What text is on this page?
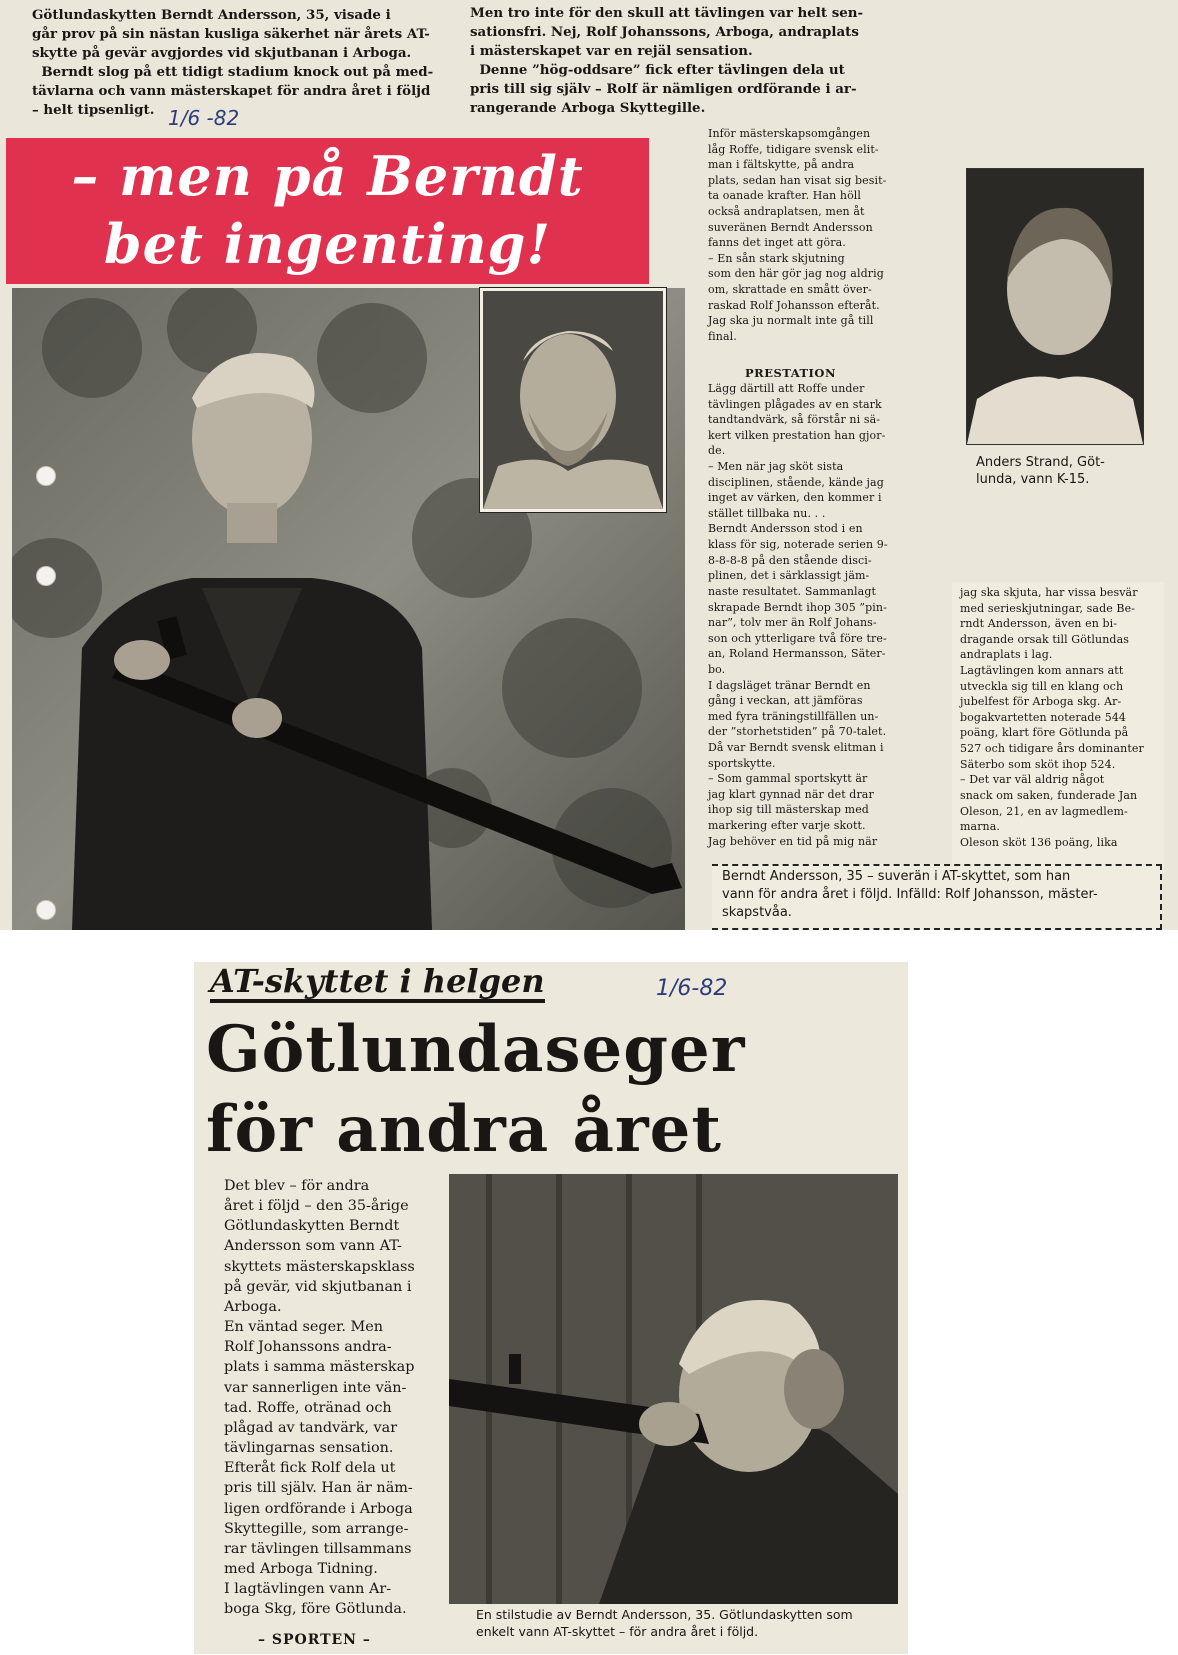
Götlundaskytten Berndt Andersson, 35, visade i
går prov på sin nästan kusliga säkerhet när årets AT-
skytte på gevär avgjordes vid skjutbanan i Arboga.
Berndt slog på ett tidigt stadium knock out på med-
tävlarna och vann mästerskapet för andra året i följd
– helt tipsenligt. 1/6 -82
Men tro inte för den skull att tävlingen var helt sen-
sationsfri. Nej, Rolf Johanssons, Arboga, andraplats
i mästerskapet var en rejäl sensation.
Denne ”hög-oddsare” fick efter tävlingen dela ut
pris till sig själv – Rolf är nämligen ordförande i ar-
rangerande Arboga Skyttegille.
– men på Berndt
bet ingenting!
Inför mästerskapsomgången
låg Roffe, tidigare svensk elit-
man i fältskytte, på andra
plats, sedan han visat sig besit-
ta oanade krafter. Han höll
också andraplatsen, men åt
suveränen Berndt Andersson
fanns det inget att göra.
– En sån stark skjutning
som den här gör jag nog aldrig
om, skrattade en smått över-
raskad Rolf Johansson efteråt.
Jag ska ju normalt inte gå till
final.
PRESTATION
Lägg därtill att Roffe under
tävlingen plågades av en stark
tandtandvärk, så förstår ni sä-
kert vilken prestation han gjor-
de.
– Men när jag sköt sista
disciplinen, stående, kände jag
inget av värken, den kommer i
stället tillbaka nu. . .
Berndt Andersson stod i en
klass för sig, noterade serien 9-
8-8-8-8 på den stående disci-
plinen, det i särklassigt jäm-
naste resultatet. Sammanlagt
skrapade Berndt ihop 305 ”pin-
nar”, tolv mer än Rolf Johans-
son och ytterligare två före tre-
an, Roland Hermansson, Säter-
bo.
I dagsläget tränar Berndt en
gång i veckan, att jämföras
med fyra träningstillfällen un-
der ”storhetstiden” på 70-talet.
Då var Berndt svensk elitman i
sportskytte.
– Som gammal sportskytt är
jag klart gynnad när det drar
ihop sig till mästerskap med
markering efter varje skott.
Jag behöver en tid på mig när
Anders Strand, Göt-
lunda, vann K-15.
jag ska skjuta, har vissa besvär
med serieskjutningar, sade Be-
rndt Andersson, även en bi-
dragande orsak till Götlundas
andraplats i lag.
Lagtävlingen kom annars att
utveckla sig till en klang och
jubelfest för Arboga skg. Ar-
bogakvartetten noterade 544
poäng, klart före Götlunda på
527 och tidigare års dominanter
Säterbo som sköt ihop 524.
– Det var väl aldrig något
snack om saken, funderade Jan
Oleson, 21, en av lagmedlem-
marna.
Oleson sköt 136 poäng, lika
Berndt Andersson, 35 – suverän i AT-skyttet, som han
vann för andra året i följd. Infälld: Rolf Johansson, mäster-
skapstvåa.
AT-skyttet i helgen	1/6-82
Götlundaseger
för andra året
Det blev – för andra
året i följd – den 35-årige
Götlundaskytten Berndt
Andersson som vann AT-
skyttets mästerskapsklass
på gevär, vid skjutbanan i
Arboga.
En väntad seger. Men
Rolf Johanssons andra-
plats i samma mästerskap
var sannerligen inte vän-
tad. Roffe, otränad och
plågad av tandvärk, var
tävlingarnas sensation.
Efteråt fick Rolf dela ut
pris till själv. Han är näm-
ligen ordförande i Arboga
Skyttegille, som arrange-
rar tävlingen tillsammans
med Arboga Tidning.
I lagtävlingen vann Ar-
boga Skg, före Götlunda.	En stilstudie av Berndt Andersson, 35. Götlundaskytten som
enkelt vann AT-skyttet – för andra året i följd.
– SPORTEN –
